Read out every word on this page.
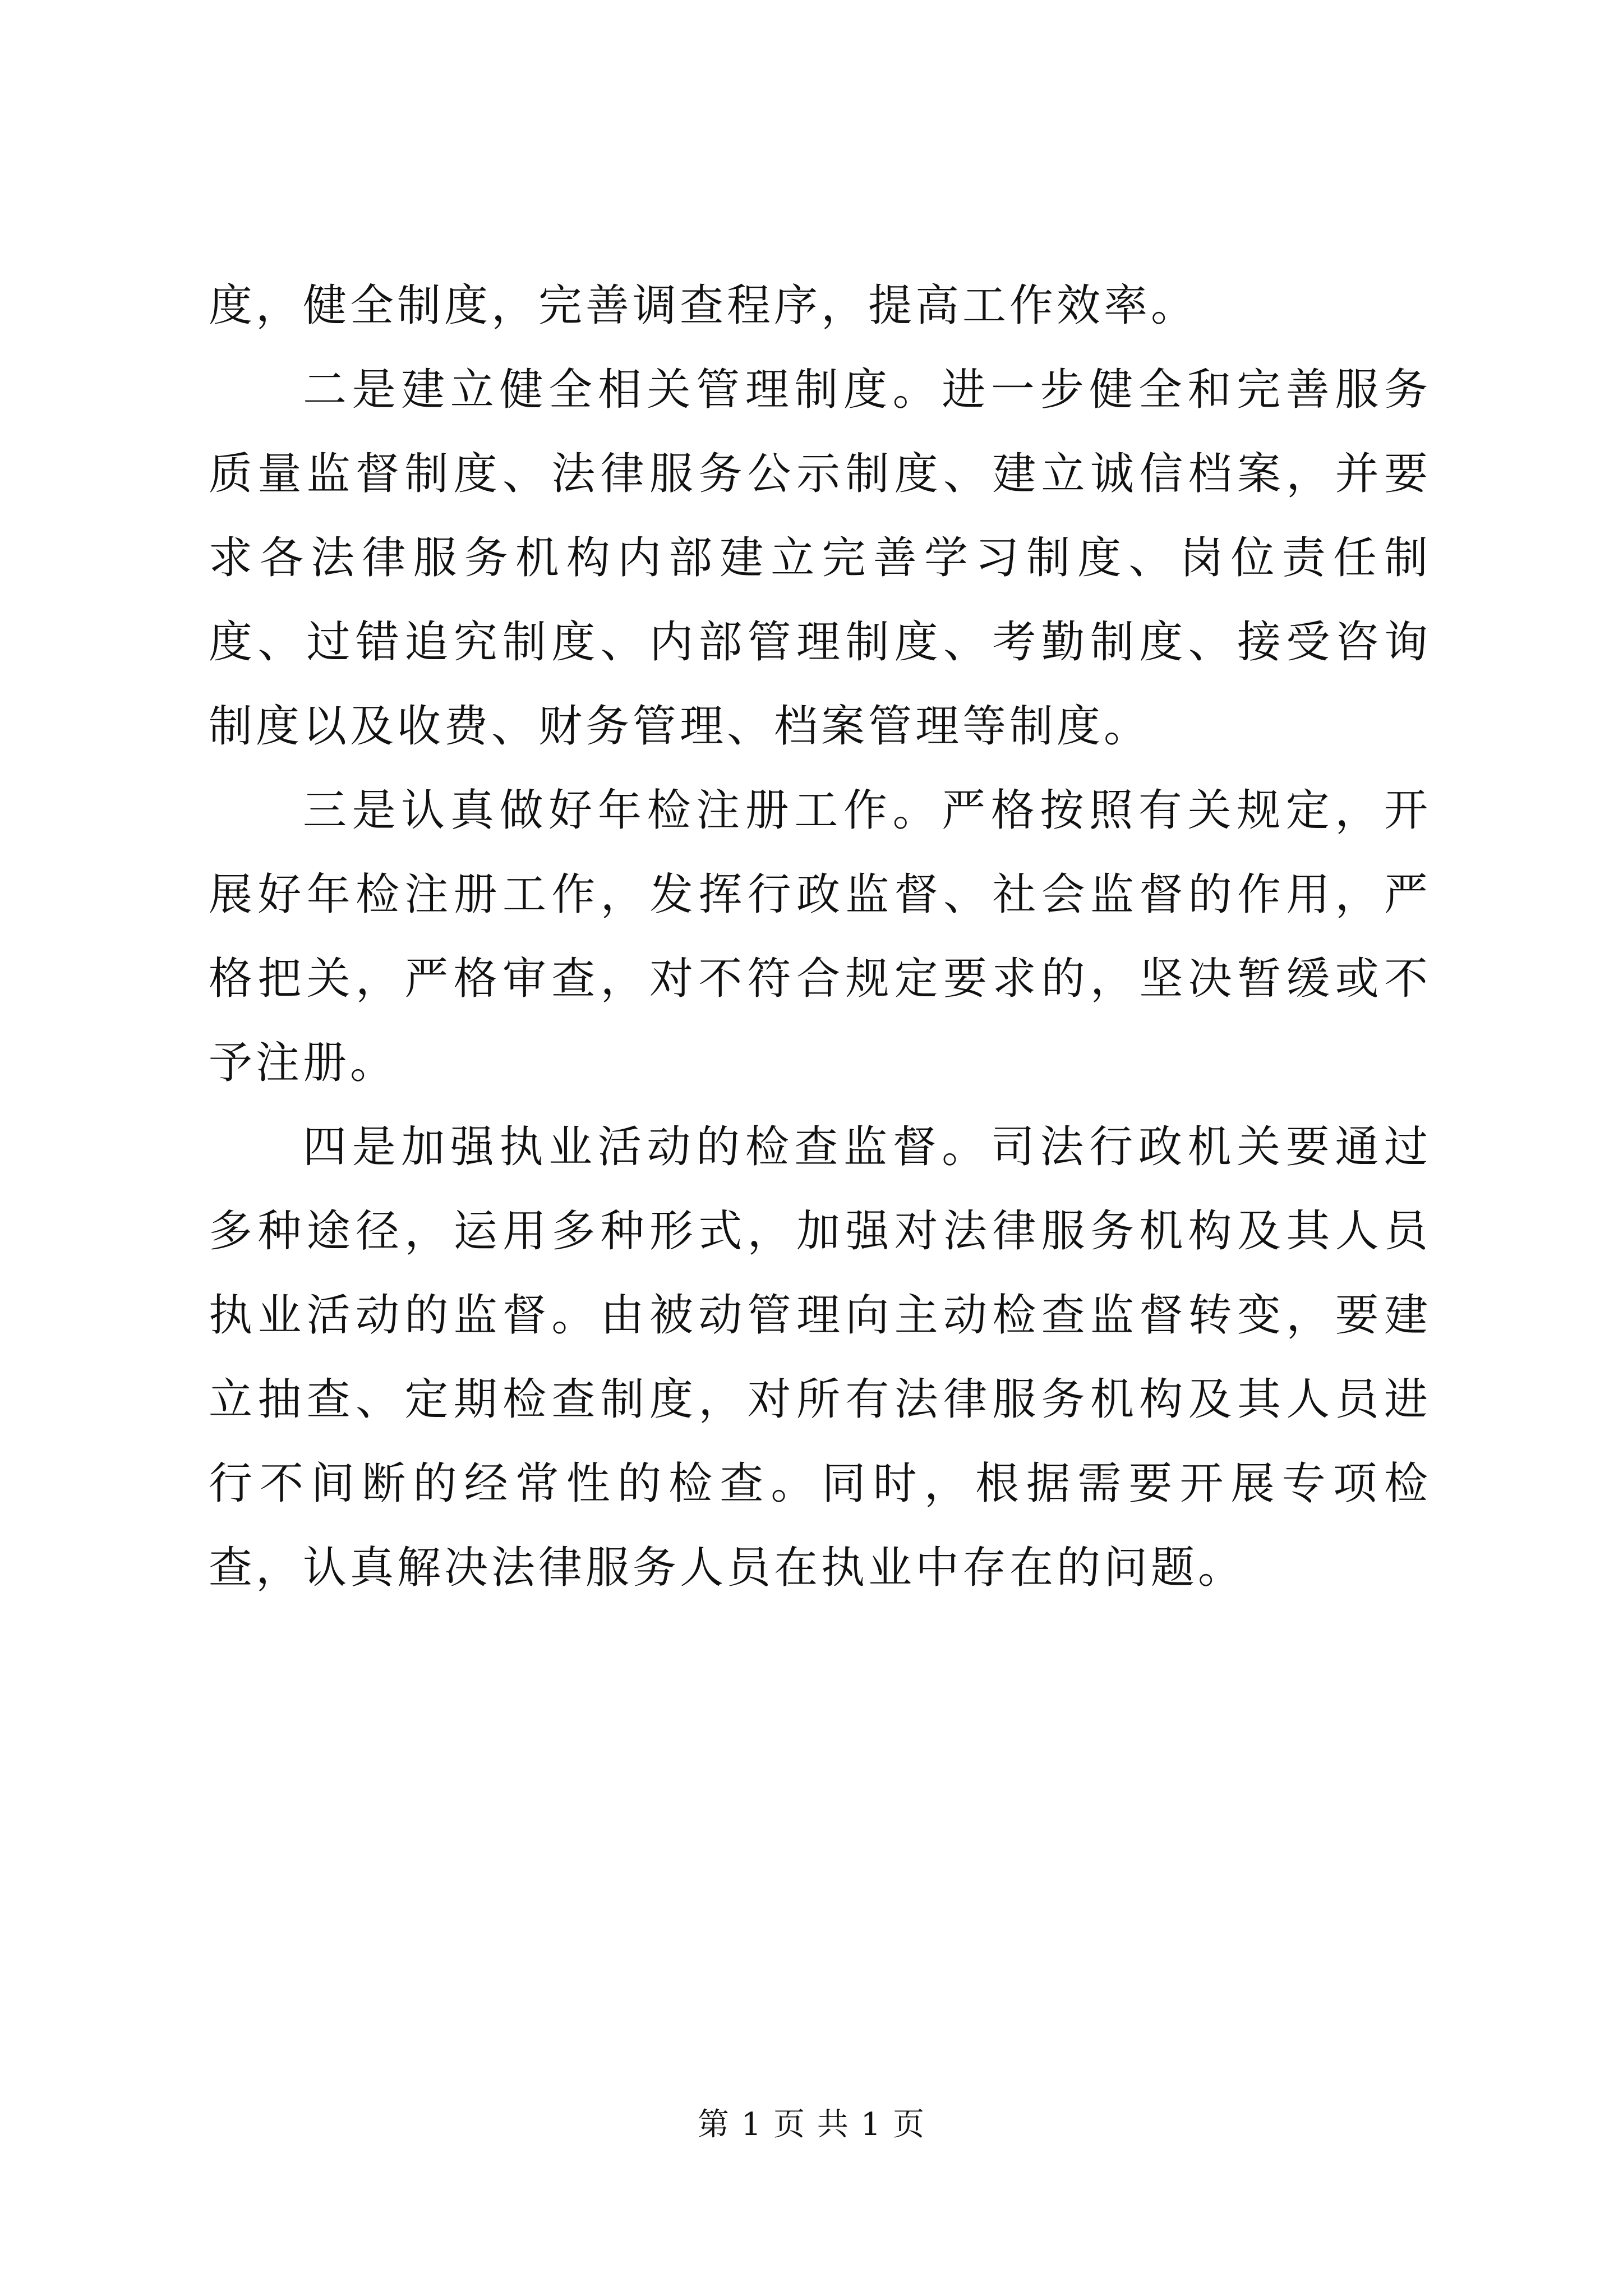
度，健全制度，完善调查程序，提高工作效率。

二是建立健全相关管理制度。进一步健全和完善服务质量监督制度、法律服务公示制度、建立诚信档案，并要求各法律服务机构内部建立完善学习制度、岗位责任制度、过错追究制度、内部管理制度、考勤制度、接受咨询制度以及收费、财务管理、档案管理等制度。

三是认真做好年检注册工作。严格按照有关规定，开展好年检注册工作，发挥行政监督、社会监督的作用，严格把关，严格审查，对不符合规定要求的，坚决暂缓或不予注册。

四是加强执业活动的检查监督。司法行政机关要通过多种途径，运用多种形式，加强对法律服务机构及其人员执业活动的监督。由被动管理向主动检查监督转变，要建立抽查、定期检查制度，对所有法律服务机构及其人员进行不间断的经常性的检查。同时，根据需要开展专项检查，认真解决法律服务人员在执业中存在的问题。

第 1 页 共 1 页
